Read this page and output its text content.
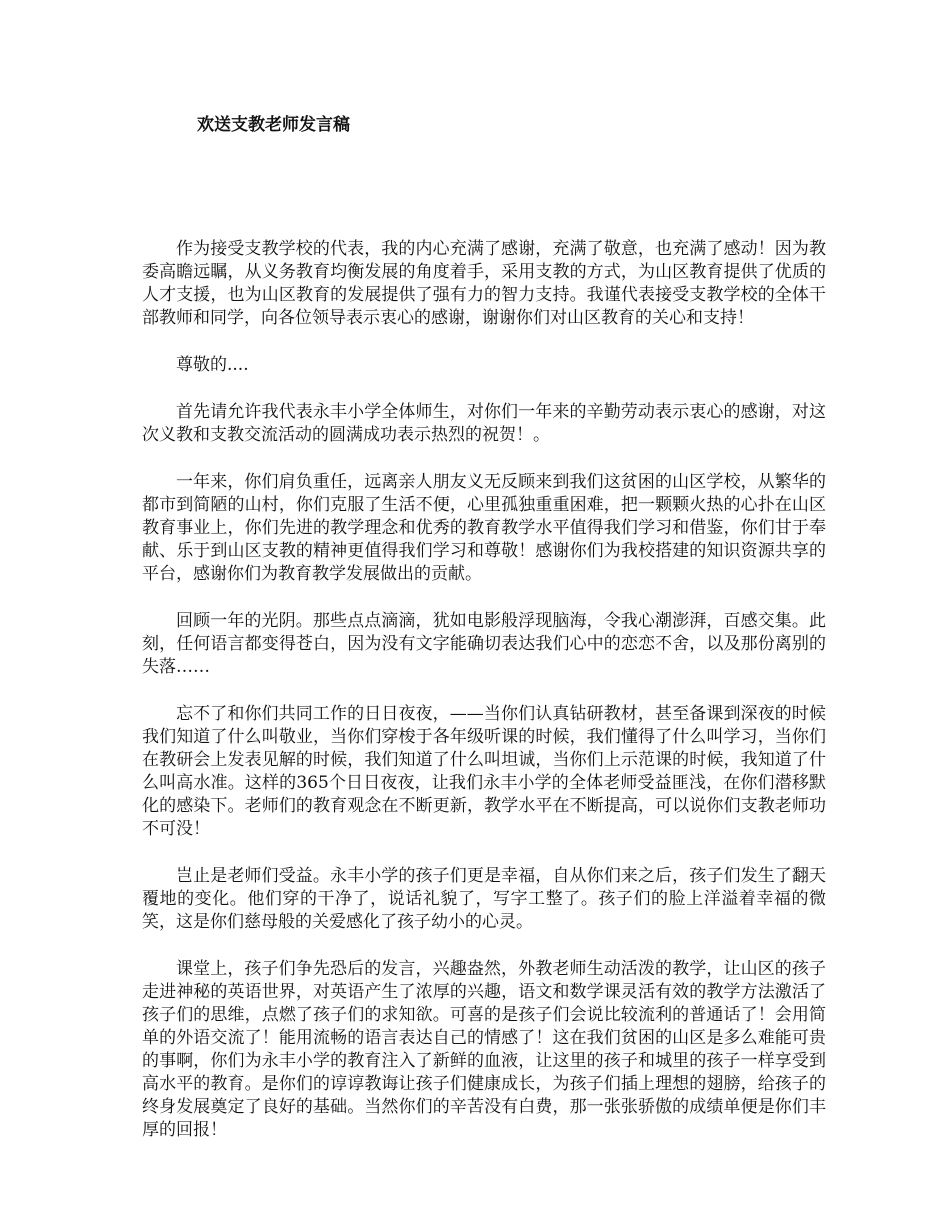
欢送支教老师发言稿

作为接受支教学校的代表，我的内心充满了感谢，充满了敬意，也充满了感动！因为教委高瞻远瞩，从义务教育均衡发展的角度着手，采用支教的方式，为山区教育提供了优质的人才支援，也为山区教育的发展提供了强有力的智力支持。我谨代表接受支教学校的全体干部教师和同学，向各位领导表示衷心的感谢，谢谢你们对山区教育的关心和支持！

尊敬的....

首先请允许我代表永丰小学全体师生，对你们一年来的辛勤劳动表示衷心的感谢，对这次义教和支教交流活动的圆满成功表示热烈的祝贺！。

一年来，你们肩负重任，远离亲人朋友义无反顾来到我们这贫困的山区学校，从繁华的都市到简陋的山村，你们克服了生活不便，心里孤独重重困难，把一颗颗火热的心扑在山区教育事业上，你们先进的教学理念和优秀的教育教学水平值得我们学习和借鉴，你们甘于奉献、乐于到山区支教的精神更值得我们学习和尊敬！感谢你们为我校搭建的知识资源共享的平台，感谢你们为教育教学发展做出的贡献。

回顾一年的光阴。那些点点滴滴，犹如电影般浮现脑海，令我心潮澎湃，百感交集。此刻，任何语言都变得苍白，因为没有文字能确切表达我们心中的恋恋不舍，以及那份离别的失落……

忘不了和你们共同工作的日日夜夜，——当你们认真钻研教材，甚至备课到深夜的时候我们知道了什么叫敬业，当你们穿梭于各年级听课的时候，我们懂得了什么叫学习，当你们在教研会上发表见解的时候，我们知道了什么叫坦诚，当你们上示范课的时候，我知道了什么叫高水准。这样的365个日日夜夜，让我们永丰小学的全体老师受益匪浅，在你们潜移默化的感染下。老师们的教育观念在不断更新，教学水平在不断提高，可以说你们支教老师功不可没！

岂止是老师们受益。永丰小学的孩子们更是幸福，自从你们来之后，孩子们发生了翻天覆地的变化。他们穿的干净了，说话礼貌了，写字工整了。孩子们的脸上洋溢着幸福的微笑，这是你们慈母般的关爱感化了孩子幼小的心灵。

课堂上，孩子们争先恐后的发言，兴趣盎然，外教老师生动活泼的教学，让山区的孩子走进神秘的英语世界，对英语产生了浓厚的兴趣，语文和数学课灵活有效的教学方法激活了孩子们的思维，点燃了孩子们的求知欲。可喜的是孩子们会说比较流利的普通话了！会用简单的外语交流了！能用流畅的语言表达自己的情感了！这在我们贫困的山区是多么难能可贵的事啊，你们为永丰小学的教育注入了新鲜的血液，让这里的孩子和城里的孩子一样享受到高水平的教育。是你们的谆谆教诲让孩子们健康成长，为孩子们插上理想的翅膀，给孩子的终身发展奠定了良好的基础。当然你们的辛苦没有白费，那一张张骄傲的成绩单便是你们丰厚的回报！
